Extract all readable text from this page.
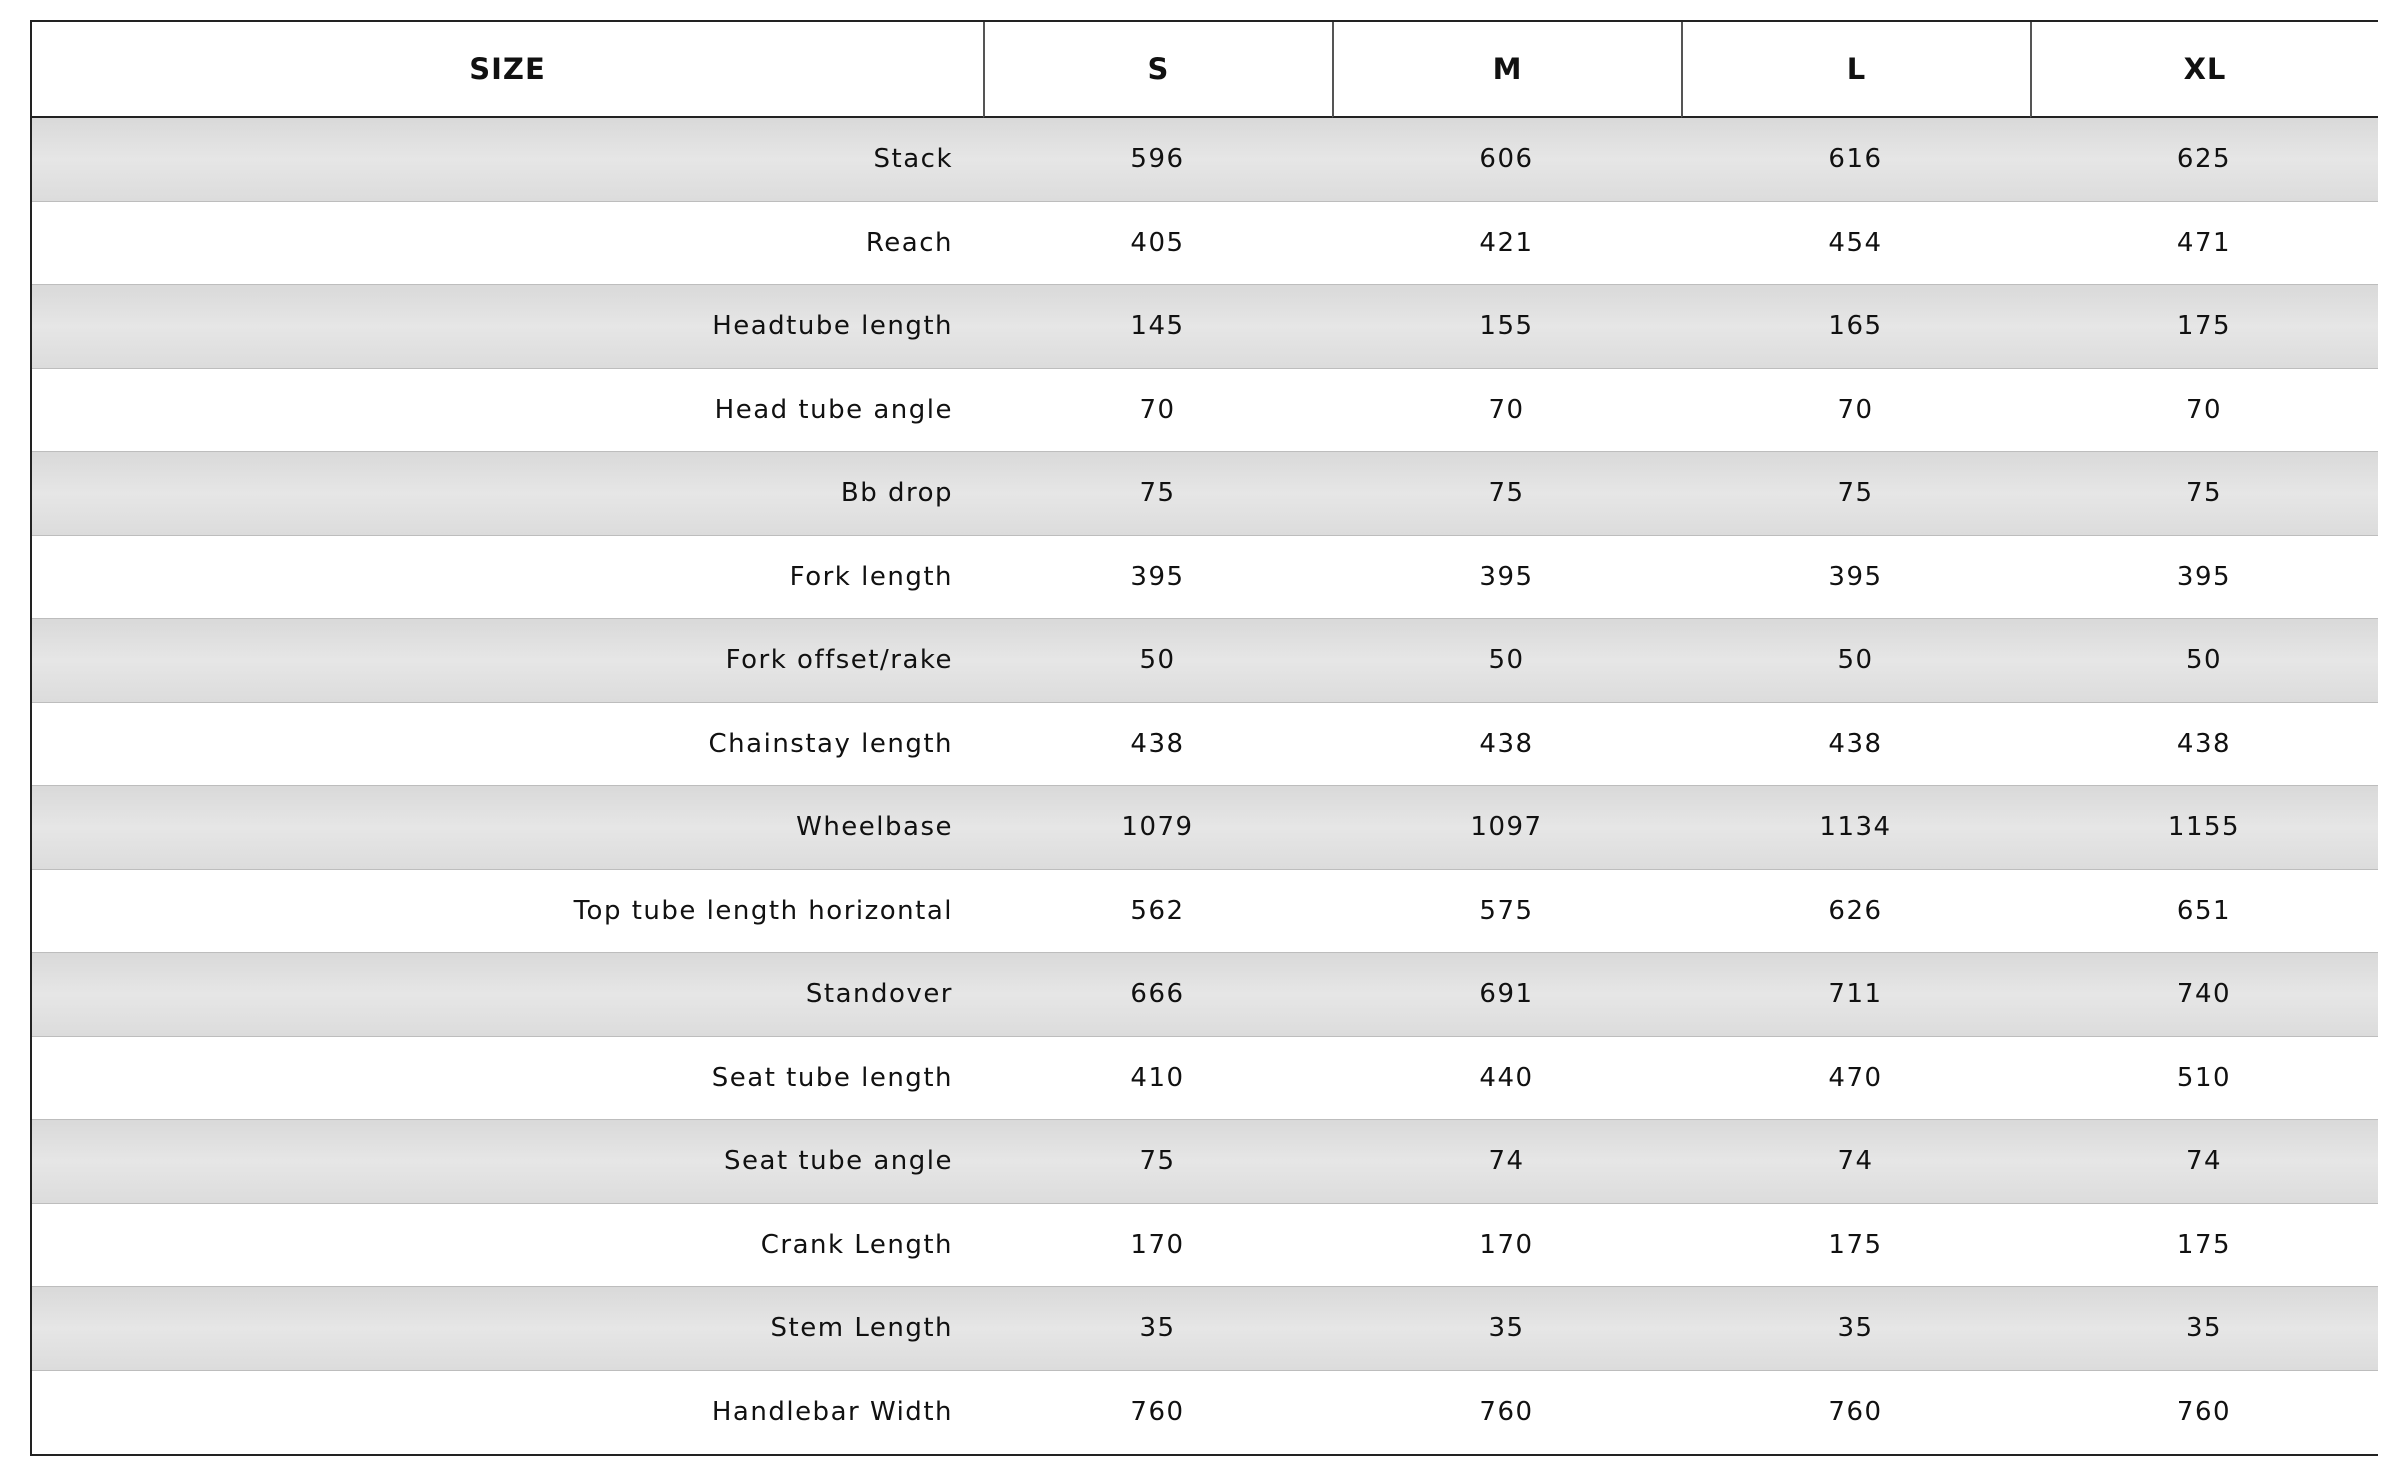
SIZE	S	M	L	XL
Stack	596	606	616	625
Reach	405	421	454	471
Headtube length	145	155	165	175
Head tube angle	70	70	70	70
Bb drop	75	75	75	75
Fork length	395	395	395	395
Fork offset/rake	50	50	50	50
Chainstay length	438	438	438	438
Wheelbase	1079	1097	1134	1155
Top tube length horizontal	562	575	626	651
Standover	666	691	711	740
Seat tube length	410	440	470	510
Seat tube angle	75	74	74	74
Crank Length	170	170	175	175
Stem Length	35	35	35	35
Handlebar Width	760	760	760	760
